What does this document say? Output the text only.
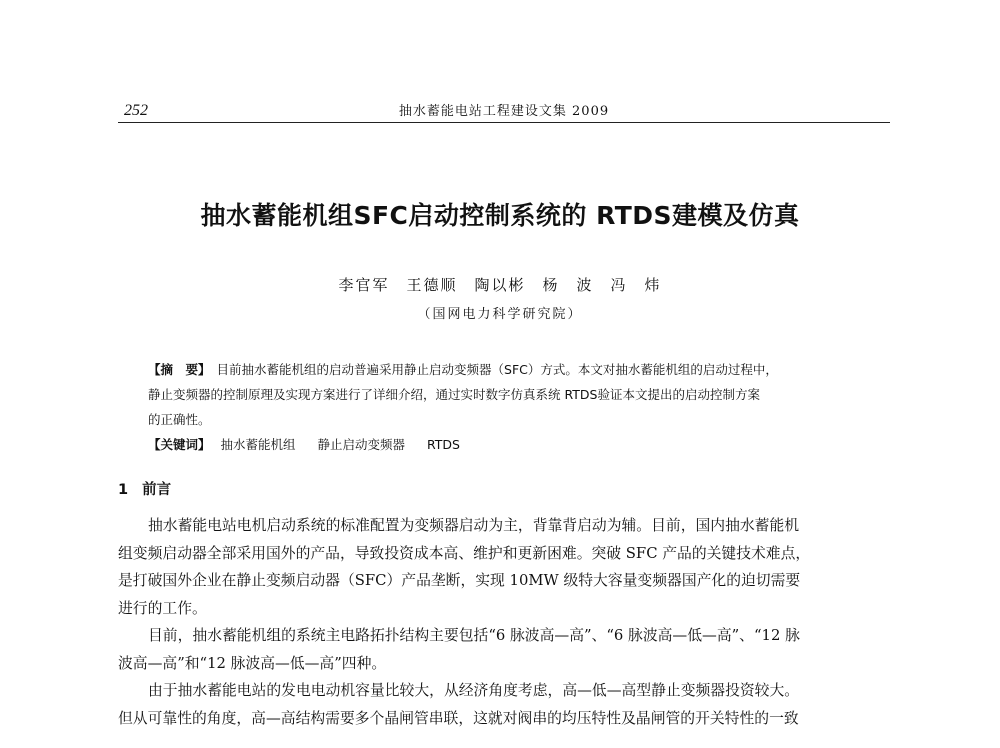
252	抽水蓄能电站工程建设文集 2009
抽水蓄能机组SFC启动控制系统的 RTDS建模及仿真
李官军　王德顺　陶以彬　杨　波　冯　炜
（国网电力科学研究院）
【摘　要】 目前抽水蓄能机组的启动普遍采用静止启动变频器（SFC）方式。本文对抽水蓄能机组的启动过程中，
静止变频器的控制原理及实现方案进行了详细介绍，通过实时数字仿真系统 RTDS验证本文提出的启动控制方案
的正确性。
【关键词】 抽水蓄能机组 静止启动变频器 RTDS
1 前言
抽水蓄能电站电机启动系统的标准配置为变频器启动为主，背靠背启动为辅。目前，国内抽水蓄能机
组变频启动器全部采用国外的产品，导致投资成本高、维护和更新困难。突破 SFC 产品的关键技术难点，
是打破国外企业在静止变频启动器（SFC）产品垄断，实现 10MW 级特大容量变频器国产化的迫切需要
进行的工作。
目前，抽水蓄能机组的系统主电路拓扑结构主要包括“6 脉波高—高”、“6 脉波高—低—高”、“12 脉
波高—高”和“12 脉波高—低—高”四种。
由于抽水蓄能电站的发电电动机容量比较大，从经济角度考虑，高—低—高型静止变频器投资较大。
但从可靠性的角度，高—高结构需要多个晶闸管串联，这就对阀串的均压特性及晶闸管的开关特性的一致
